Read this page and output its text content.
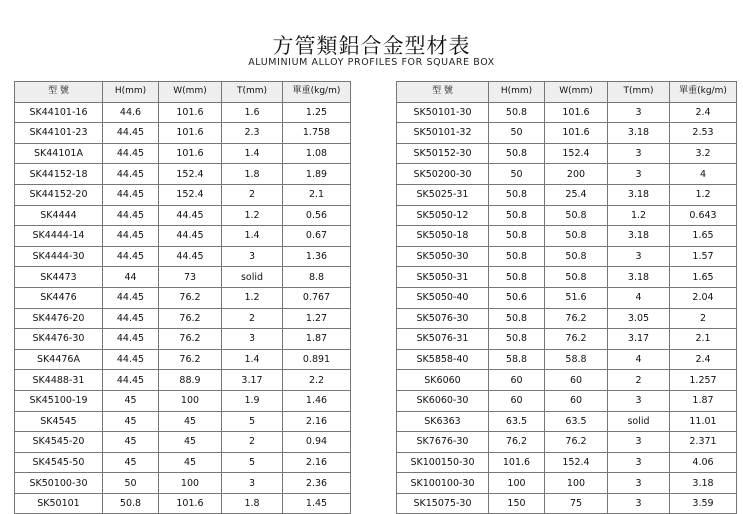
方管類鋁合金型材表
ALUMINIUM ALLOY PROFILES FOR SQUARE BOX
型 號	H(mm)	W(mm)	T(mm)	單重(kg/m)
SK44101-16	44.6	101.6	1.6	1.25
SK44101-23	44.45	101.6	2.3	1.758
SK44101A	44.45	101.6	1.4	1.08
SK44152-18	44.45	152.4	1.8	1.89
SK44152-20	44.45	152.4	2	2.1
SK4444	44.45	44.45	1.2	0.56
SK4444-14	44.45	44.45	1.4	0.67
SK4444-30	44.45	44.45	3	1.36
SK4473	44	73	solid	8.8
SK4476	44.45	76.2	1.2	0.767
SK4476-20	44.45	76.2	2	1.27
SK4476-30	44.45	76.2	3	1.87
SK4476A	44.45	76.2	1.4	0.891
SK4488-31	44.45	88.9	3.17	2.2
SK45100-19	45	100	1.9	1.46
SK4545	45	45	5	2.16
SK4545-20	45	45	2	0.94
SK4545-50	45	45	5	2.16
SK50100-30	50	100	3	2.36
SK50101	50.8	101.6	1.8	1.45
型 號	H(mm)	W(mm)	T(mm)	單重(kg/m)
SK50101-30	50.8	101.6	3	2.4
SK50101-32	50	101.6	3.18	2.53
SK50152-30	50.8	152.4	3	3.2
SK50200-30	50	200	3	4
SK5025-31	50.8	25.4	3.18	1.2
SK5050-12	50.8	50.8	1.2	0.643
SK5050-18	50.8	50.8	3.18	1.65
SK5050-30	50.8	50.8	3	1.57
SK5050-31	50.8	50.8	3.18	1.65
SK5050-40	50.6	51.6	4	2.04
SK5076-30	50.8	76.2	3.05	2
SK5076-31	50.8	76.2	3.17	2.1
SK5858-40	58.8	58.8	4	2.4
SK6060	60	60	2	1.257
SK6060-30	60	60	3	1.87
SK6363	63.5	63.5	solid	11.01
SK7676-30	76.2	76.2	3	2.371
SK100150-30	101.6	152.4	3	4.06
SK100100-30	100	100	3	3.18
SK15075-30	150	75	3	3.59
